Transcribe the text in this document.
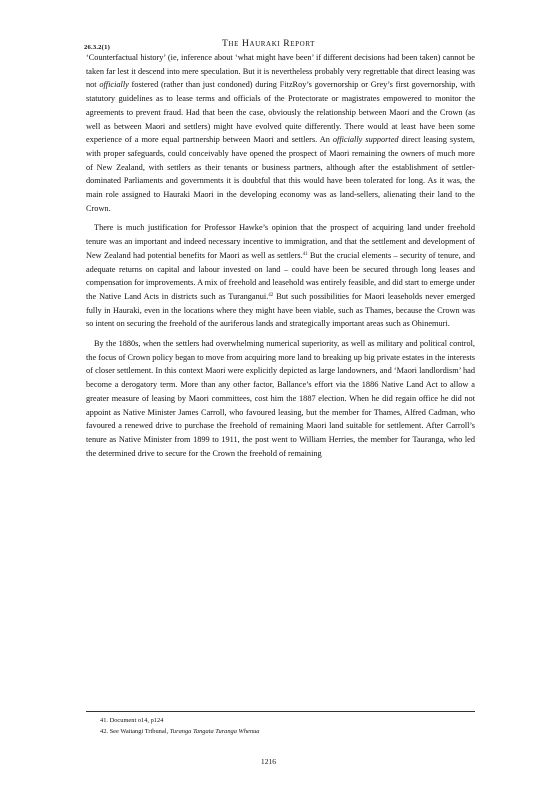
26.3.2(1)	The Hauraki Report

‘Counterfactual history’ (ie, inference about ‘what might have been’ if different decisions had been taken) cannot be taken far lest it descend into mere speculation. But it is nevertheless probably very regrettable that direct leasing was not officially fostered (rather than just condoned) during FitzRoy’s governorship or Grey’s first governorship, with statutory guidelines as to lease terms and officials of the Protectorate or magistrates empowered to monitor the agreements to prevent fraud. Had that been the case, obviously the relationship between Maori and the Crown (as well as between Maori and settlers) might have evolved quite differently. There would at least have been some experience of a more equal partnership between Maori and settlers. An officially supported direct leasing system, with proper safeguards, could conceivably have opened the prospect of Maori remaining the owners of much more of New Zealand, with settlers as their tenants or business partners, although after the establishment of settler-dominated Parliaments and governments it is doubtful that this would have been tolerated for long. As it was, the main role assigned to Hauraki Maori in the developing economy was as land-sellers, alienating their land to the Crown.

There is much justification for Professor Hawke’s opinion that the prospect of acquiring land under freehold tenure was an important and indeed necessary incentive to immigration, and that the settlement and development of New Zealand had potential benefits for Maori as well as settlers.$^{41}$ But the crucial elements – security of tenure, and adequate returns on capital and labour invested on land – could have been be secured through long leases and compensation for improvements. A mix of freehold and leasehold was entirely feasible, and did start to emerge under the Native Land Acts in districts such as Turanganui.$^{42}$ But such possibilities for Maori leaseholds never emerged fully in Hauraki, even in the locations where they might have been viable, such as Thames, because the Crown was so intent on securing the freehold of the auriferous lands and strategically important areas such as Ohinemuri.

By the 1880s, when the settlers had overwhelming numerical superiority, as well as military and political control, the focus of Crown policy began to move from acquiring more land to breaking up big private estates in the interests of closer settlement. In this context Maori were explicitly depicted as large landowners, and ‘Maori landlordism’ had become a derogatory term. More than any other factor, Ballance’s effort via the 1886 Native Land Act to allow a greater measure of leasing by Maori committees, cost him the 1887 election. When he did regain office he did not appoint as Native Minister James Carroll, who favoured leasing, but the member for Thames, Alfred Cadman, who favoured a renewed drive to purchase the freehold of remaining Maori land suitable for settlement. After Carroll’s tenure as Native Minister from 1899 to 1911, the post went to William Herries, the member for Tauranga, who led the determined drive to secure for the Crown the freehold of remaining

41. Document o14, p124
42. See Waitangi Tribunal, Turanga Tangata Turanga Whenua
1216
